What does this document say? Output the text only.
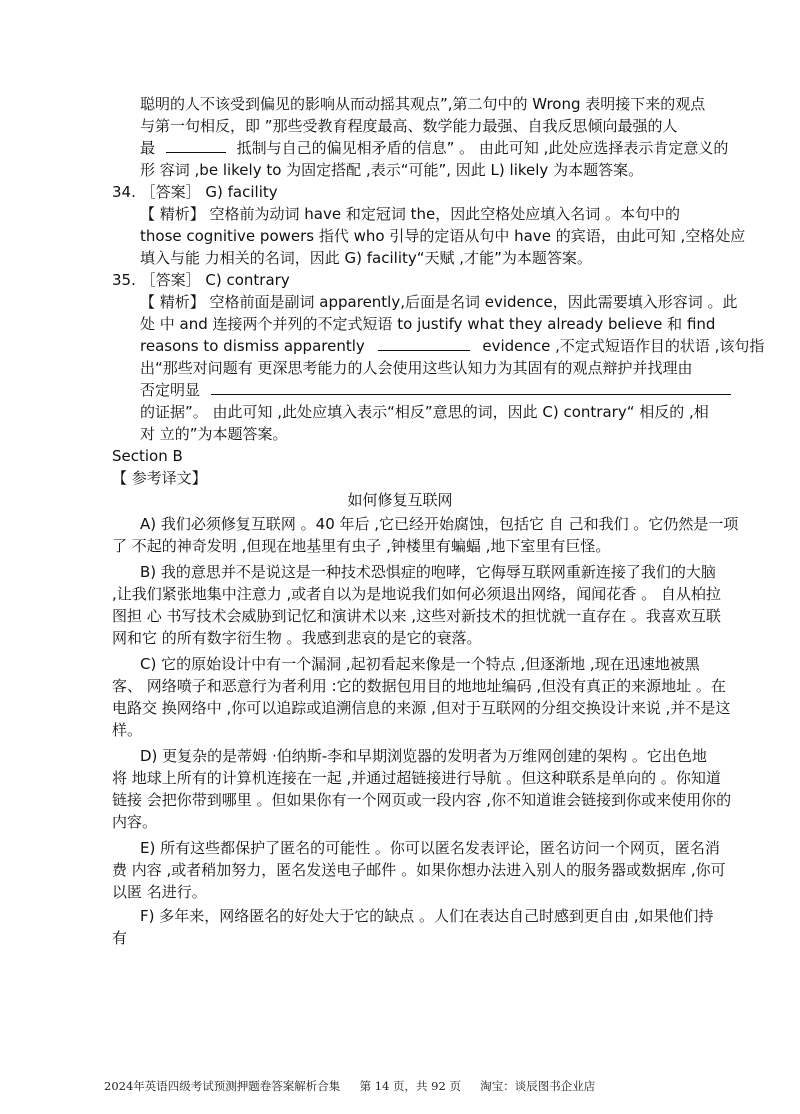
聪明的人不该受到偏见的影响从而动摇其观点”,第二句中的 Wrong 表明接下来的观点
与第一句相反，即 ”那些受教育程度最高、数学能力最强、自我反思倾向最强的人
最	抵制与自己的偏见相矛盾的信息” 。 由此可知 ,此处应选择表示肯定意义的
形 容词 ,be likely to 为固定搭配 ,表示“可能”, 因此 L) likely 为本题答案。
34. ［答案］ G) facility
【 精析】 空格前为动词 have 和定冠词 the，因此空格处应填入名词 。本句中的
those cognitive powers 指代 who 引导的定语从句中 have 的宾语，由此可知 ,空格处应
填入与能 力相关的名词，因此 G) facility“天赋 ,才能”为本题答案。
35. ［答案］ C) contrary
【 精析】 空格前面是副词 apparently,后面是名词 evidence，因此需要填入形容词 。此
处 中 and 连接两个并列的不定式短语 to justify what they already believe 和 find
reasons to dismiss apparently	evidence ,不定式短语作目的状语 ,该句指
出“那些对问题有 更深思考能力的人会使用这些认知力为其固有的观点辩护并找理由
否定明显
的证据”。 由此可知 ,此处应填入表示“相反”意思的词，因此 C) contrary“ 相反的 ,相
对 立的”为本题答案。
Section B
【 参考译文】
如何修复互联网
A) 我们必须修复互联网 。40 年后 ,它已经开始腐蚀，包括它 自 己和我们 。它仍然是一项
了 不起的神奇发明 ,但现在地基里有虫子 ,钟楼里有蝙蝠 ,地下室里有巨怪。
B) 我的意思并不是说这是一种技术恐惧症的咆哮，它侮辱互联网重新连接了我们的大脑
,让我们紧张地集中注意力 ,或者自以为是地说我们如何必须退出网络，闻闻花香 。 自从柏拉
图担 心 书写技术会威胁到记忆和演讲术以来 ,这些对新技术的担忧就一直存在 。我喜欢互联
网和它 的所有数字衍生物 。我感到悲哀的是它的衰落。
C) 它的原始设计中有一个漏洞 ,起初看起来像是一个特点 ,但逐渐地 ,现在迅速地被黑
客、 网络喷子和恶意行为者利用 :它的数据包用目的地地址编码 ,但没有真正的来源地址 。在
电路交 换网络中 ,你可以追踪或追溯信息的来源 ,但对于互联网的分组交换设计来说 ,并不是这
样。
D) 更复杂的是蒂姆 ·伯纳斯-李和早期浏览器的发明者为万维网创建的架构 。它出色地
将 地球上所有的计算机连接在一起 ,并通过超链接进行导航 。但这种联系是单向的 。你知道
链接 会把你带到哪里 。但如果你有一个网页或一段内容 ,你不知道谁会链接到你或来使用你的
内容。
E) 所有这些都保护了匿名的可能性 。你可以匿名发表评论，匿名访问一个网页，匿名消
费 内容 ,或者稍加努力，匿名发送电子邮件 。如果你想办法进入别人的服务器或数据库 ,你可
以匿 名进行。
F) 多年来，网络匿名的好处大于它的缺点 。人们在表达自己时感到更自由 ,如果他们持
有
2024年英语四级考试预测押题卷答案解析合集 第 14 页，共 92 页 淘宝：谈辰图书企业店
